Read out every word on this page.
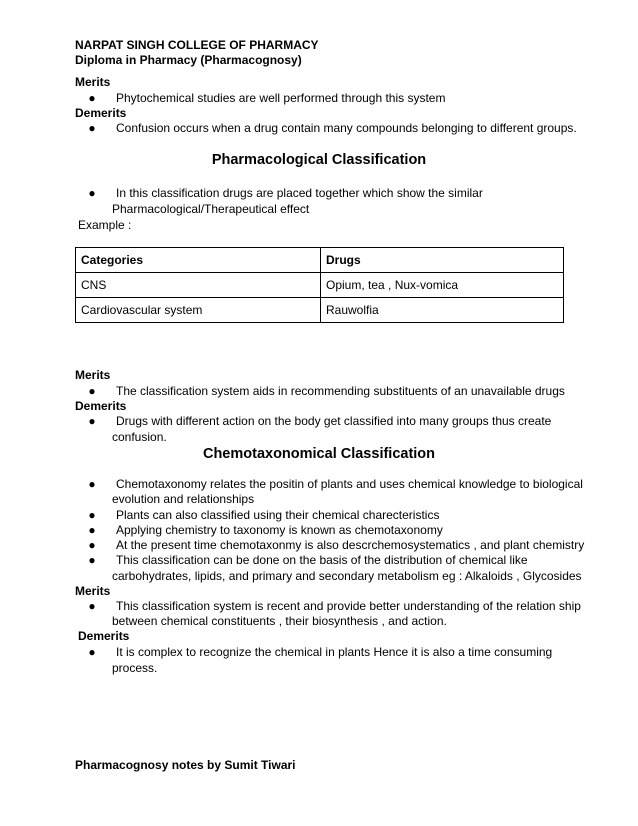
NARPAT SINGH COLLEGE OF PHARMACY
Diploma in Pharmacy (Pharmacognosy)
Merits
●	Phytochemical studies are well performed through this system
Demerits
●	Confusion occurs when a drug contain many compounds belonging to different groups.
Pharmacological Classification
●	In this classification drugs are placed together which show the similar
Pharmacological/Therapeutical effect
Example :
Categories	Drugs
CNS	Opium, tea , Nux-vomica
Cardiovascular system	Rauwolfia
Merits
●	The classification system aids in recommending substituents of an unavailable drugs
Demerits
●	Drugs with different action on the body get classified into many groups thus create
confusion.
Chemotaxonomical Classification
●	Chemotaxonomy relates the positin of plants and uses chemical knowledge to biological
evolution and relationships
●	Plants can also classified using their chemical charecteristics
●	Applying chemistry to taxonomy is known as chemotaxonomy
●	At the present time chemotaxonmy is also descrchemosystematics , and plant chemistry
●	This classification can be done on the basis of the distribution of chemical like
carbohydrates, lipids, and primary and secondary metabolism eg : Alkaloids , Glycosides
Merits
●	This classification system is recent and provide better understanding of the relation ship
between chemical constituents , their biosynthesis , and action.
Demerits
●	It is complex to recognize the chemical in plants Hence it is also a time consuming
process.
Pharmacognosy notes by Sumit Tiwari
